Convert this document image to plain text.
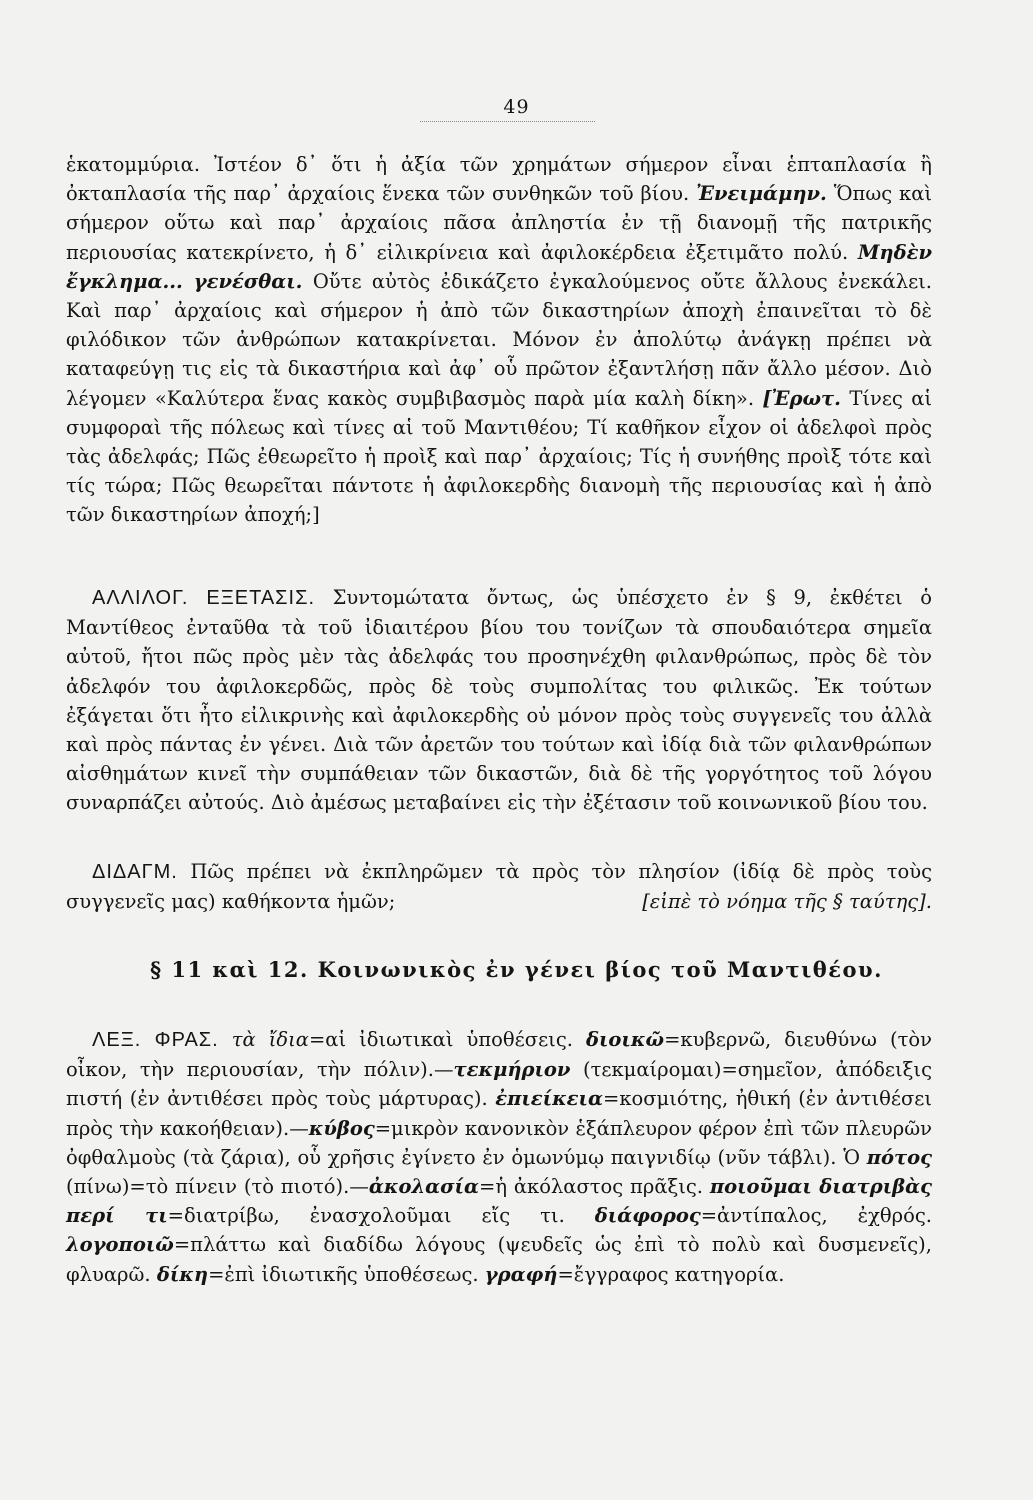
49
ἑκατομμύρια. Ἰστέον δ᾿ ὅτι ἡ ἀξία τῶν χρημάτων σήμερον εἶναι ἑπταπλασία ἢ ὀκταπλασία τῆς παρ᾿ ἀρχαίοις ἕνεκα τῶν συνθηκῶν τοῦ βίου. Ἐνειμάμην. Ὅπως καὶ σήμερον οὕτω καὶ παρ᾿ ἀρχαίοις πᾶσα ἀπληστία ἐν τῇ διανομῇ τῆς πατρικῆς περιουσίας κατεκρίνετο, ἡ δ᾿ εἰλικρίνεια καὶ ἀφιλοκέρδεια ἐξετιμᾶτο πολύ. Μηδὲν ἔγκλημα... γενέσθαι. Οὔτε αὐτὸς ἐδικάζετο ἐγκαλούμενος οὔτε ἄλλους ἐνεκάλει. Καὶ παρ᾿ ἀρχαίοις καὶ σήμερον ἡ ἀπὸ τῶν δικαστηρίων ἀποχὴ ἐπαινεῖται τὸ δὲ φιλόδικον τῶν ἀνθρώπων κατακρίνεται. Μόνον ἐν ἀπολύτῳ ἀνάγκῃ πρέπει νὰ καταφεύγῃ τις εἰς τὰ δικαστήρια καὶ ἀφ᾿ οὗ πρῶτον ἐξαντλήσῃ πᾶν ἄλλο μέσον. Διὸ λέγομεν «Καλύτερα ἕνας κακὸς συμβιβασμὸς παρὰ μία καλὴ δίκη». [Ἐρωτ. Τίνες αἱ συμφοραὶ τῆς πόλεως καὶ τίνες αἱ τοῦ Μαντιθέου; Τί καθῆκον εἶχον οἱ ἀδελφοὶ πρὸς τὰς ἀδελφάς; Πῶς ἐθεωρεῖτο ἡ προὶξ καὶ παρ᾿ ἀρχαίοις; Τίς ἡ συνήθης προὶξ τότε καὶ τίς τώρα; Πῶς θεωρεῖται πάντοτε ἡ ἀφιλοκερδὴς διανομὴ τῆς περιουσίας καὶ ἡ ἀπὸ τῶν δικαστηρίων ἀποχή;]
ΑΛΛΙΛΟΓ. ΕΞΕΤΑΣΙΣ. Συντομώτατα ὄντως, ὡς ὑπέσχετο ἐν § 9, ἐκθέτει ὁ Μαντίθεος ἐνταῦθα τὰ τοῦ ἰδιαιτέρου βίου του τονίζων τὰ σπουδαιότερα σημεῖα αὐτοῦ, ἤτοι πῶς πρὸς μὲν τὰς ἀδελφάς του προσηνέχθη φιλανθρώπως, πρὸς δὲ τὸν ἀδελφόν του ἀφιλοκερδῶς, πρὸς δὲ τοὺς συμπολίτας του φιλικῶς. Ἐκ τούτων ἐξάγεται ὅτι ἦτο εἰλικρινὴς καὶ ἀφιλοκερδὴς οὐ μόνον πρὸς τοὺς συγγενεῖς του ἀλλὰ καὶ πρὸς πάντας ἐν γένει. Διὰ τῶν ἀρετῶν του τούτων καὶ ἰδίᾳ διὰ τῶν φιλανθρώπων αἰσθημάτων κινεῖ τὴν συμπάθειαν τῶν δικαστῶν, διὰ δὲ τῆς γοργότητος τοῦ λόγου συναρπάζει αὐτούς. Διὸ ἀμέσως μεταβαίνει εἰς τὴν ἐξέτασιν τοῦ κοινωνικοῦ βίου του.
ΔΙΔΑΓΜ. Πῶς πρέπει νὰ ἐκπληρῶμεν τὰ πρὸς τὸν πλησίον (ἰδίᾳ δὲ πρὸς τοὺς συγγενεῖς μας) καθήκοντα ἡμῶν;	[εἰπὲ τὸ νόημα τῆς § ταύτης].
§ 11 καὶ 12. Κοινωνικὸς ἐν γένει βίος τοῦ Μαντιθέου.
ΛΕΞ. ΦΡΑΣ. τὰ ἴδια=αἱ ἰδιωτικαὶ ὑποθέσεις. διοικῶ=κυβερνῶ, διευθύνω (τὸν οἶκον, τὴν περιουσίαν, τὴν πόλιν).—τεκμήριον (τεκμαίρομαι)=σημεῖον, ἀπόδειξις πιστή (ἐν ἀντιθέσει πρὸς τοὺς μάρτυρας). ἐπιείκεια=κοσμιότης, ἠθική (ἐν ἀντιθέσει πρὸς τὴν κακοήθειαν).—κύβος=μικρὸν κανονικὸν ἑξάπλευρον φέρον ἐπὶ τῶν πλευρῶν ὀφθαλμοὺς (τὰ ζάρια), οὗ χρῆσις ἐγίνετο ἐν ὁμωνύμῳ παιγνιδίῳ (νῦν τάβλι). Ὁ πότος (πίνω)=τὸ πίνειν (τὸ πιοτό).—ἀκολασία=ἡ ἀκόλαστος πρᾶξις. ποιοῦμαι διατριβὰς περί τι=διατρίβω, ἐνασχολοῦμαι εἴς τι. διάφορος=ἀντίπαλος, ἐχθρός. λογοποιῶ=πλάττω καὶ διαδίδω λόγους (ψευδεῖς ὡς ἐπὶ τὸ πολὺ καὶ δυσμενεῖς), φλυαρῶ. δίκη=ἐπὶ ἰδιωτικῆς ὑποθέσεως. γραφή=ἔγγραφος κατηγορία.
